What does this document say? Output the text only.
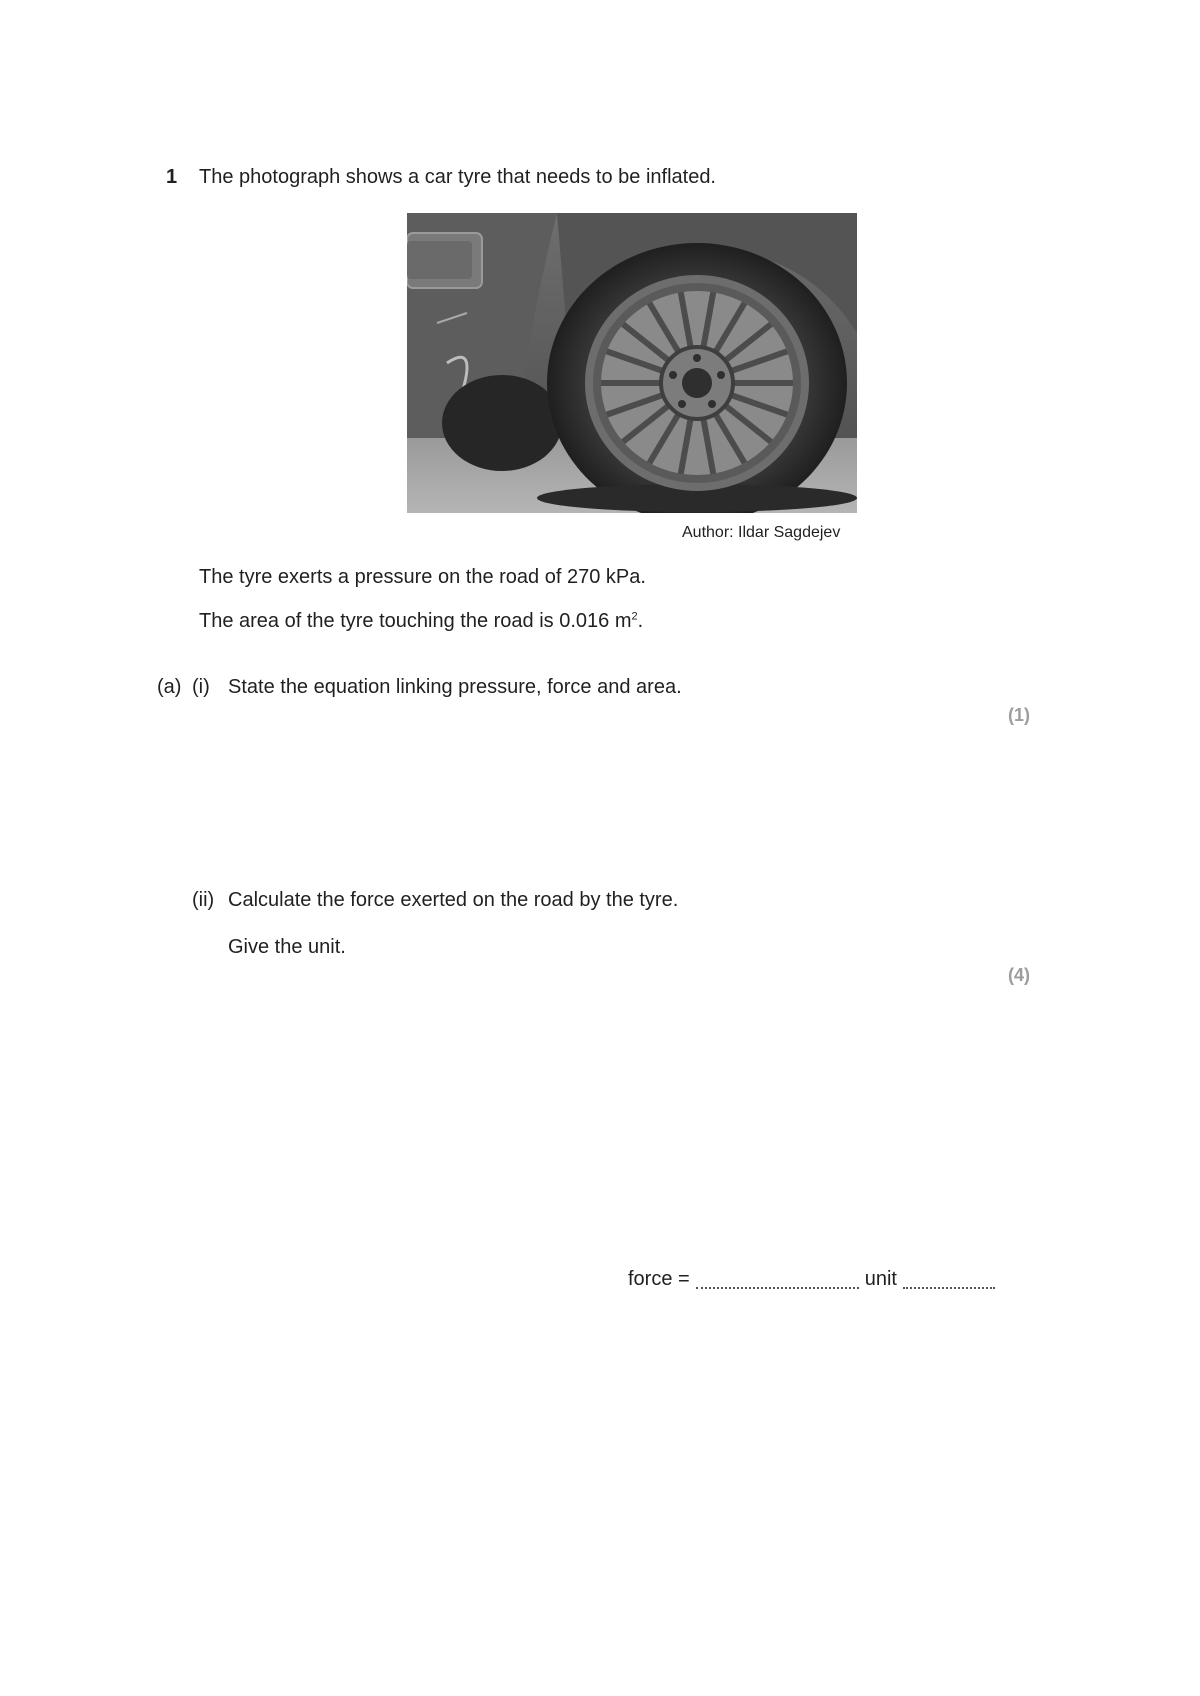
1 The photograph shows a car tyre that needs to be inflated.
Author: Ildar Sagdejev
The tyre exerts a pressure on the road of 270 kPa.
The area of the tyre touching the road is 0.016 $m^2$.
(a) (i) State the equation linking pressure, force and area.
(1)
(ii) Calculate the force exerted on the road by the tyre.
Give the unit.
(4)
force =	unit
